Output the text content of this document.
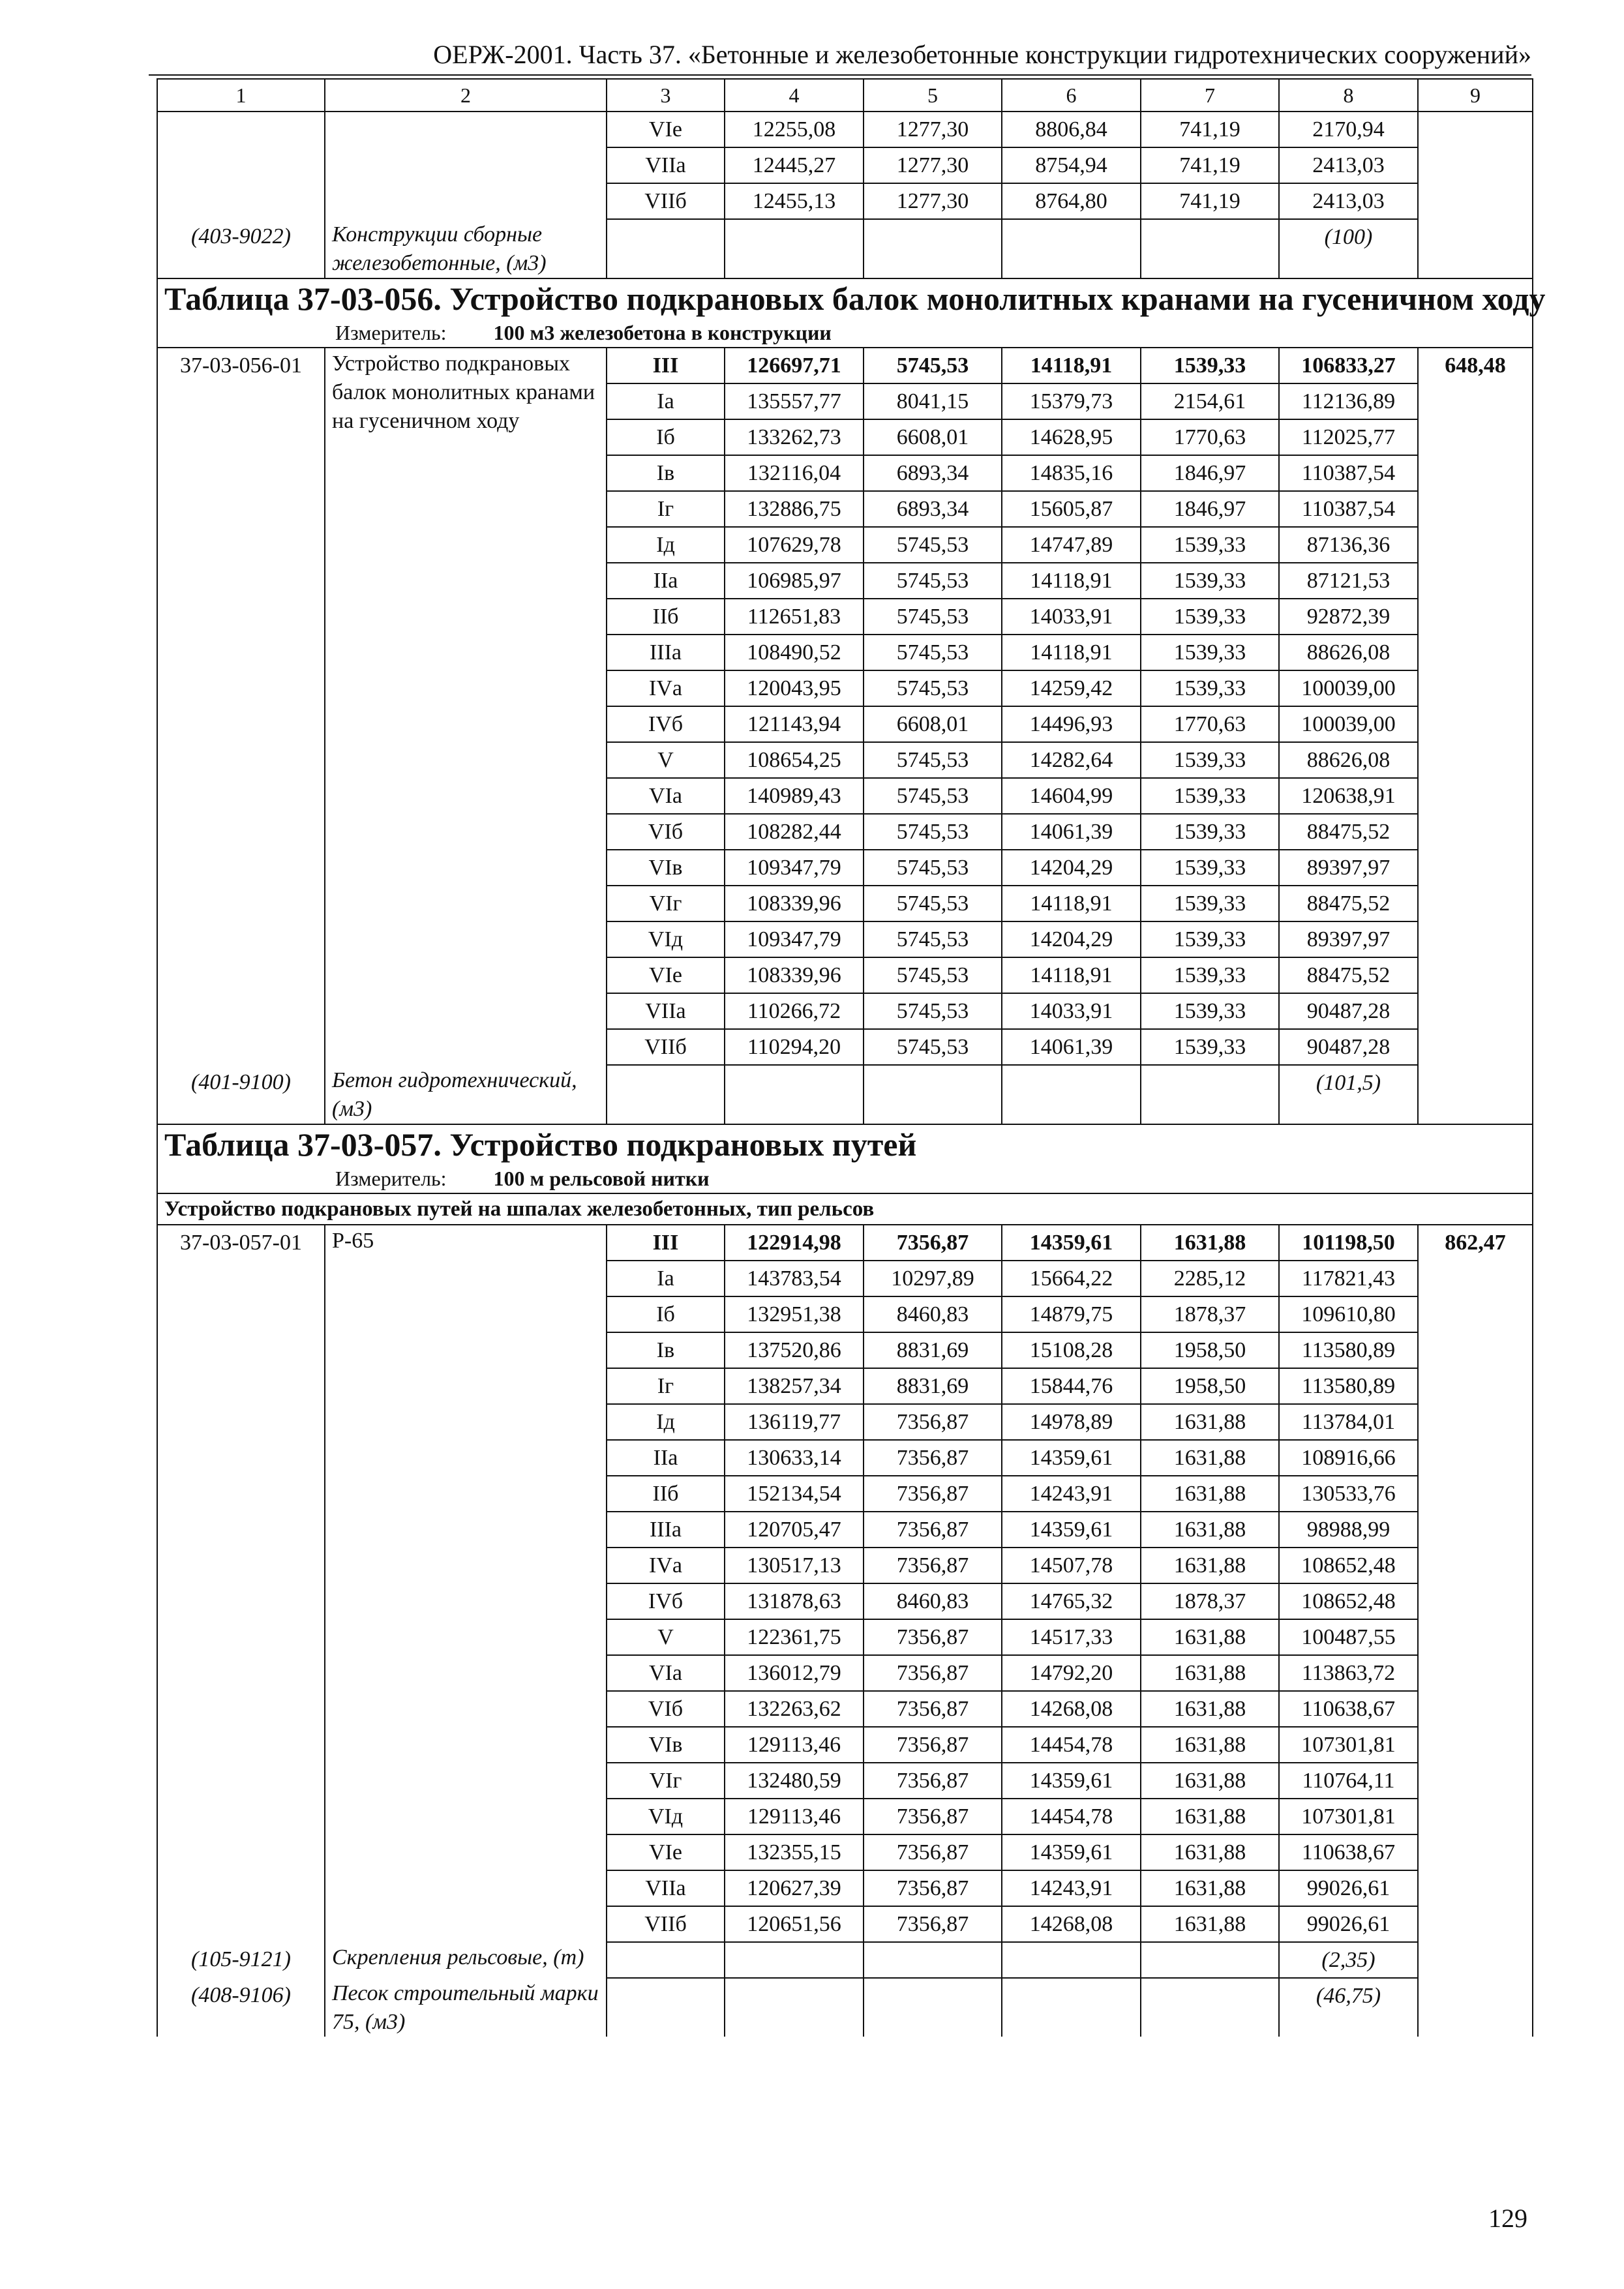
ОЕРЖ-2001. Часть 37. «Бетонные и железобетонные конструкции гидротехнических сооружений»
1	2	3	4	5	6	7	8	9
		VIе	12255,08	1277,30	8806,84	741,19	2170,94	
		VIIа	12445,27	1277,30	8754,94	741,19	2413,03	
		VIIб	12455,13	1277,30	8764,80	741,19	2413,03	
(403-9022)	Конструкции сборные железобетонные, (м3)						(100)	
Таблица 37-03-056. Устройство подкрановых балок монолитных кранами на гусеничном ходу								

Измеритель: 100 м3 железобетона в конструкции								

37-03-056-01	Устройство подкрановых балок монолитных кранами на гусеничном ходу	III	126697,71	5745,53	14118,91	1539,33	106833,27	648,48
		Iа	135557,77	8041,15	15379,73	2154,61	112136,89	
		Iб	133262,73	6608,01	14628,95	1770,63	112025,77	
		Iв	132116,04	6893,34	14835,16	1846,97	110387,54	
		Iг	132886,75	6893,34	15605,87	1846,97	110387,54	
		Iд	107629,78	5745,53	14747,89	1539,33	87136,36	
		IIа	106985,97	5745,53	14118,91	1539,33	87121,53	
		IIб	112651,83	5745,53	14033,91	1539,33	92872,39	
		IIIа	108490,52	5745,53	14118,91	1539,33	88626,08	
		IVа	120043,95	5745,53	14259,42	1539,33	100039,00	
		IVб	121143,94	6608,01	14496,93	1770,63	100039,00	
		V	108654,25	5745,53	14282,64	1539,33	88626,08	
		VIа	140989,43	5745,53	14604,99	1539,33	120638,91	
		VIб	108282,44	5745,53	14061,39	1539,33	88475,52	
		VIв	109347,79	5745,53	14204,29	1539,33	89397,97	
		VIг	108339,96	5745,53	14118,91	1539,33	88475,52	
		VIд	109347,79	5745,53	14204,29	1539,33	89397,97	
		VIе	108339,96	5745,53	14118,91	1539,33	88475,52	
		VIIа	110266,72	5745,53	14033,91	1539,33	90487,28	
		VIIб	110294,20	5745,53	14061,39	1539,33	90487,28	
(401-9100)	Бетон гидротехнический, (м3)						(101,5)	
Таблица 37-03-057. Устройство подкрановых путей								

Измеритель: 100 м рельсовой нитки								

Устройство подкрановых путей на шпалах железобетонных, тип рельсов								
37-03-057-01	Р-65	III	122914,98	7356,87	14359,61	1631,88	101198,50	862,47
		Iа	143783,54	10297,89	15664,22	2285,12	117821,43	
		Iб	132951,38	8460,83	14879,75	1878,37	109610,80	
		Iв	137520,86	8831,69	15108,28	1958,50	113580,89	
		Iг	138257,34	8831,69	15844,76	1958,50	113580,89	
		Iд	136119,77	7356,87	14978,89	1631,88	113784,01	
		IIа	130633,14	7356,87	14359,61	1631,88	108916,66	
		IIб	152134,54	7356,87	14243,91	1631,88	130533,76	
		IIIа	120705,47	7356,87	14359,61	1631,88	98988,99	
		IVа	130517,13	7356,87	14507,78	1631,88	108652,48	
		IVб	131878,63	8460,83	14765,32	1878,37	108652,48	
		V	122361,75	7356,87	14517,33	1631,88	100487,55	
		VIа	136012,79	7356,87	14792,20	1631,88	113863,72	
		VIб	132263,62	7356,87	14268,08	1631,88	110638,67	
		VIв	129113,46	7356,87	14454,78	1631,88	107301,81	
		VIг	132480,59	7356,87	14359,61	1631,88	110764,11	
		VIд	129113,46	7356,87	14454,78	1631,88	107301,81	
		VIе	132355,15	7356,87	14359,61	1631,88	110638,67	
		VIIа	120627,39	7356,87	14243,91	1631,88	99026,61	
		VIIб	120651,56	7356,87	14268,08	1631,88	99026,61	
(105-9121)	Скрепления рельсовые, (т)						(2,35)	
(408-9106)	Песок строительный марки 75, (м3)						(46,75)	
129
